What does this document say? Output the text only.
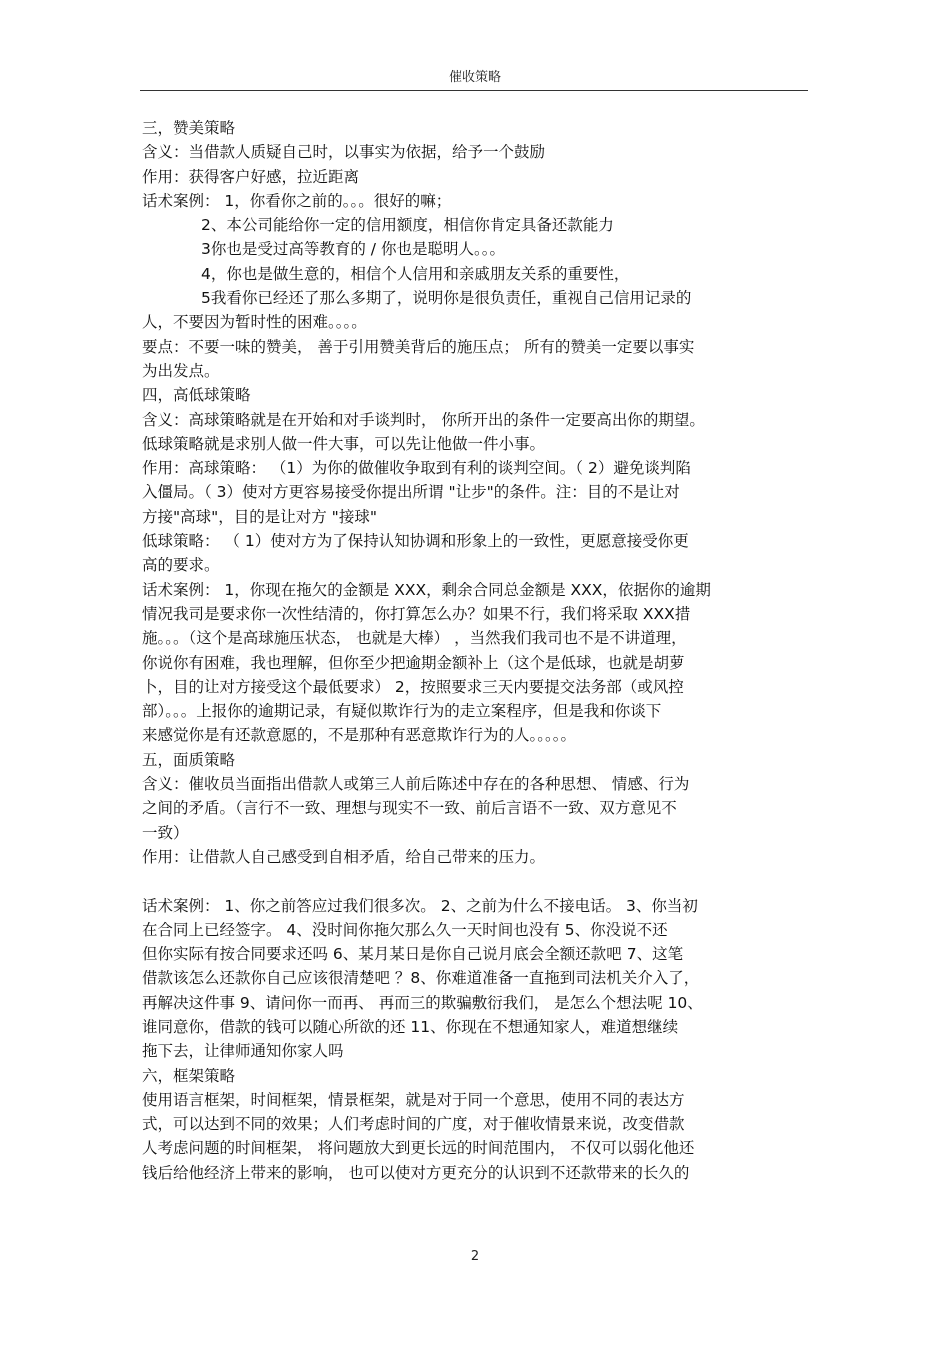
催收策略

三，赞美策略

含义：当借款人质疑自己时，以事实为依据，给予一个鼓励

作用：获得客户好感，拉近距离

话术案例： 1，你看你之前的。。。很好的嘛；

2、本公司能给你一定的信用额度，相信你肯定具备还款能力

3你也是受过高等教育的 / 你也是聪明人。。。

4，你也是做生意的，相信个人信用和亲戚朋友关系的重要性，

5我看你已经还了那么多期了，说明你是很负责任，重视自己信用记录的

人，不要因为暂时性的困难。。。。

要点：不要一味的赞美， 善于引用赞美背后的施压点； 所有的赞美一定要以事实

为出发点。

四，高低球策略

含义：高球策略就是在开始和对手谈判时， 你所开出的条件一定要高出你的期望。

低球策略就是求别人做一件大事，可以先让他做一件小事。

作用：高球策略： （1）为你的做催收争取到有利的谈判空间。（ 2）避免谈判陷

入僵局。（ 3）使对方更容易接受你提出所谓 "让步"的条件。注：目的不是让对

方接"高球"，目的是让对方 "接球"

低球策略： （ 1）使对方为了保持认知协调和形象上的一致性，更愿意接受你更

高的要求。

话术案例： 1，你现在拖欠的金额是 XXX，剩余合同总金额是 XXX，依据你的逾期

情况我司是要求你一次性结清的，你打算怎么办？如果不行，我们将采取 XXX措

施。。。（这个是高球施压状态， 也就是大棒） ，当然我们我司也不是不讲道理，

你说你有困难，我也理解，但你至少把逾期金额补上（这个是低球，也就是胡萝

卜，目的让对方接受这个最低要求） 2，按照要求三天内要提交法务部（或风控

部）。。。上报你的逾期记录，有疑似欺诈行为的走立案程序，但是我和你谈下

来感觉你是有还款意愿的，不是那种有恶意欺诈行为的人。。。。。

五，面质策略

含义：催收员当面指出借款人或第三人前后陈述中存在的各种思想、 情感、行为

之间的矛盾。（言行不一致、理想与现实不一致、前后言语不一致、双方意见不

一致）

作用：让借款人自己感受到自相矛盾，给自己带来的压力。

话术案例： 1、你之前答应过我们很多次。 2、之前为什么不接电话。 3、你当初

在合同上已经签字。 4、没时间你拖欠那么久一天时间也没有 5、你没说不还

但你实际有按合同要求还吗 6、某月某日是你自己说月底会全额还款吧 7、这笔

借款该怎么还款你自己应该很清楚吧 ？8、你难道准备一直拖到司法机关介入了，

再解决这件事 9、请问你一而再、 再而三的欺骗敷衍我们， 是怎么个想法呢 10、

谁同意你，借款的钱可以随心所欲的还 11、你现在不想通知家人，难道想继续

拖下去，让律师通知你家人吗

六，框架策略

使用语言框架，时间框架，情景框架，就是对于同一个意思，使用不同的表达方

式，可以达到不同的效果；人们考虑时间的广度，对于催收情景来说，改变借款

人考虑问题的时间框架， 将问题放大到更长远的时间范围内， 不仅可以弱化他还

钱后给他经济上带来的影响， 也可以使对方更充分的认识到不还款带来的长久的

2
